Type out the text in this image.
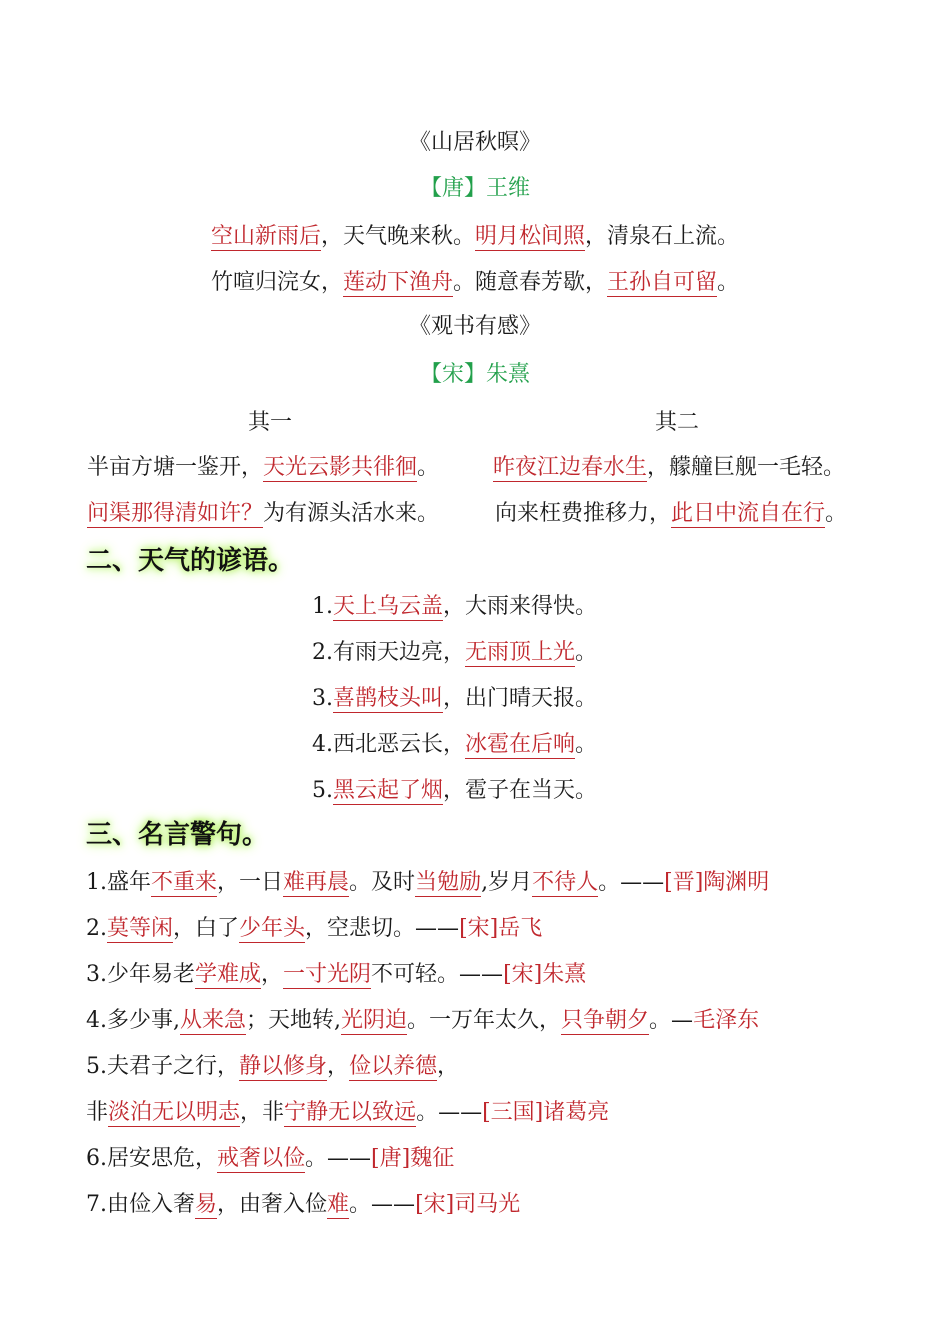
《山居秋暝》
【唐】王维
空山新雨后，天气晚来秋。明月松间照，清泉石上流。
竹喧归浣女，莲动下渔舟。随意春芳歇，王孙自可留。
《观书有感》
【宋】朱熹
其一	其二
半亩方塘一鉴开，天光云影共徘徊。 昨夜江边春水生，艨艟巨舰一毛轻。
问渠那得清如许？为有源头活水来。	向来枉费推移力，此日中流自在行。
二、天气的谚语。
1.天上乌云盖，大雨来得快。
2.有雨天边亮，无雨顶上光。
3.喜鹊枝头叫，出门晴天报。
4.西北恶云长，冰雹在后响。
5.黑云起了烟，雹子在当天。
三、名言警句。
1.盛年不重来，一日难再晨。及时当勉励,岁月不待人。——[晋]陶渊明
2.莫等闲，白了少年头，空悲切。——[宋]岳飞
3.少年易老学难成，一寸光阴不可轻。——[宋]朱熹
4.多少事,从来急；天地转,光阴迫。一万年太久，只争朝夕。—毛泽东
5.夫君子之行，静以修身，俭以养德，
非淡泊无以明志，非宁静无以致远。——[三国]诸葛亮
6.居安思危，戒奢以俭。——[唐]魏征
7.由俭入奢易，由奢入俭难。——[宋]司马光
